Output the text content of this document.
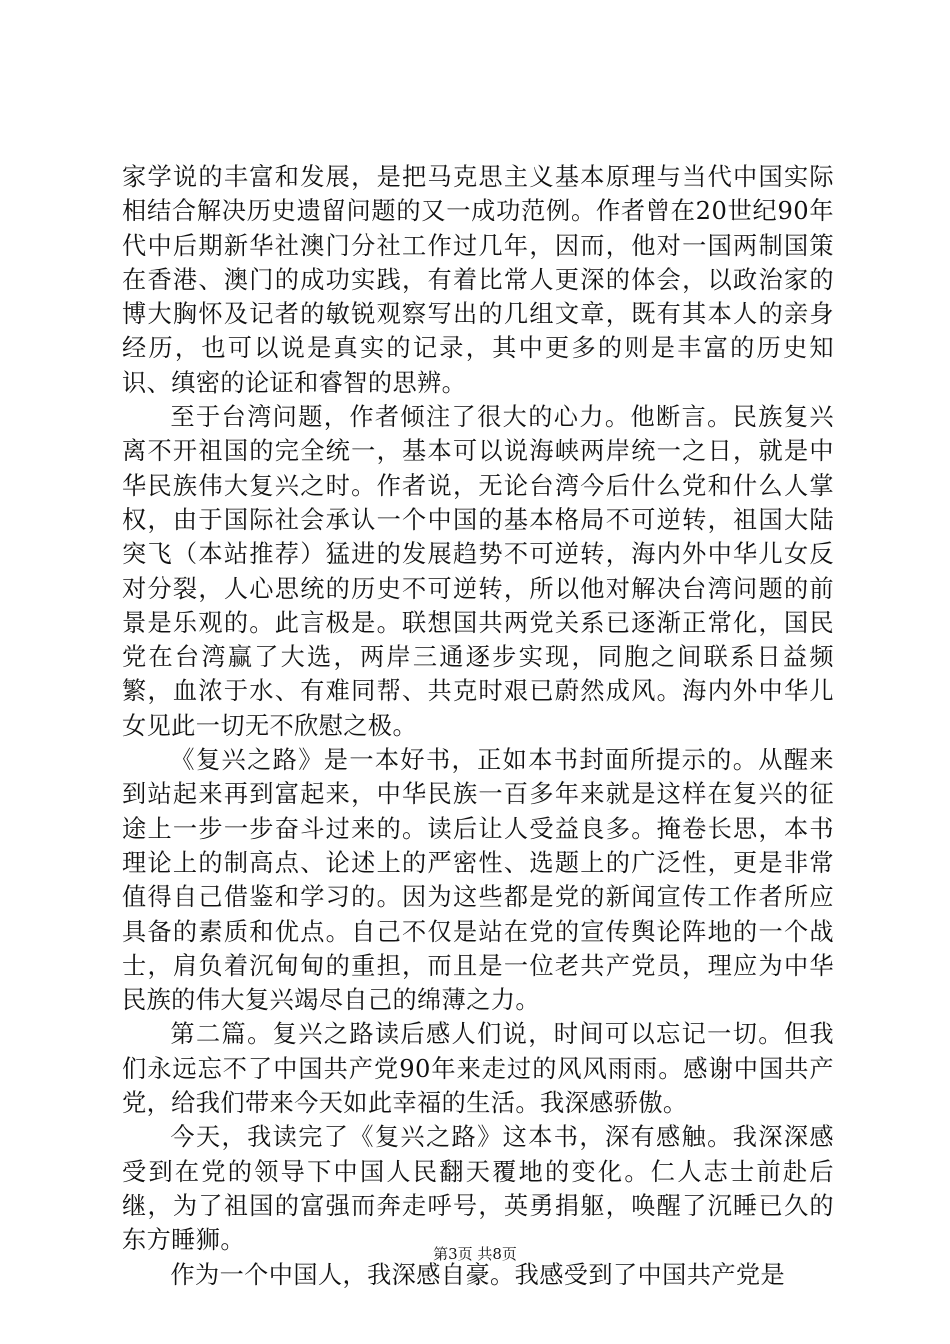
家学说的丰富和发展，是把马克思主义基本原理与当代中国实际相结合解决历史遗留问题的又一成功范例。作者曾在20世纪90年代中后期新华社澳门分社工作过几年，因而，他对一国两制国策在香港、澳门的成功实践，有着比常人更深的体会，以政治家的博大胸怀及记者的敏锐观察写出的几组文章，既有其本人的亲身经历，也可以说是真实的记录，其中更多的则是丰富的历史知识、缜密的论证和睿智的思辨。

至于台湾问题，作者倾注了很大的心力。他断言。民族复兴离不开祖国的完全统一，基本可以说海峡两岸统一之日，就是中华民族伟大复兴之时。作者说，无论台湾今后什么党和什么人掌权，由于国际社会承认一个中国的基本格局不可逆转，祖国大陆突飞（本站推荐）猛进的发展趋势不可逆转，海内外中华儿女反对分裂，人心思统的历史不可逆转，所以他对解决台湾问题的前景是乐观的。此言极是。联想国共两党关系已逐渐正常化，国民党在台湾赢了大选，两岸三通逐步实现，同胞之间联系日益频繁，血浓于水、有难同帮、共克时艰已蔚然成风。海内外中华儿女见此一切无不欣慰之极。

《复兴之路》是一本好书，正如本书封面所提示的。从醒来到站起来再到富起来，中华民族一百多年来就是这样在复兴的征途上一步一步奋斗过来的。读后让人受益良多。掩卷长思，本书理论上的制高点、论述上的严密性、选题上的广泛性，更是非常值得自己借鉴和学习的。因为这些都是党的新闻宣传工作者所应具备的素质和优点。自己不仅是站在党的宣传舆论阵地的一个战士，肩负着沉甸甸的重担，而且是一位老共产党员，理应为中华民族的伟大复兴竭尽自己的绵薄之力。

第二篇。复兴之路读后感人们说，时间可以忘记一切。但我们永远忘不了中国共产党90年来走过的风风雨雨。感谢中国共产党，给我们带来今天如此幸福的生活。我深感骄傲。

今天，我读完了《复兴之路》这本书，深有感触。我深深感受到在党的领导下中国人民翻天覆地的变化。仁人志士前赴后继，为了祖国的富强而奔走呼号，英勇捐躯，唤醒了沉睡已久的东方睡狮。

作为一个中国人，我深感自豪。我感受到了中国共产党是

第3页 共8页
